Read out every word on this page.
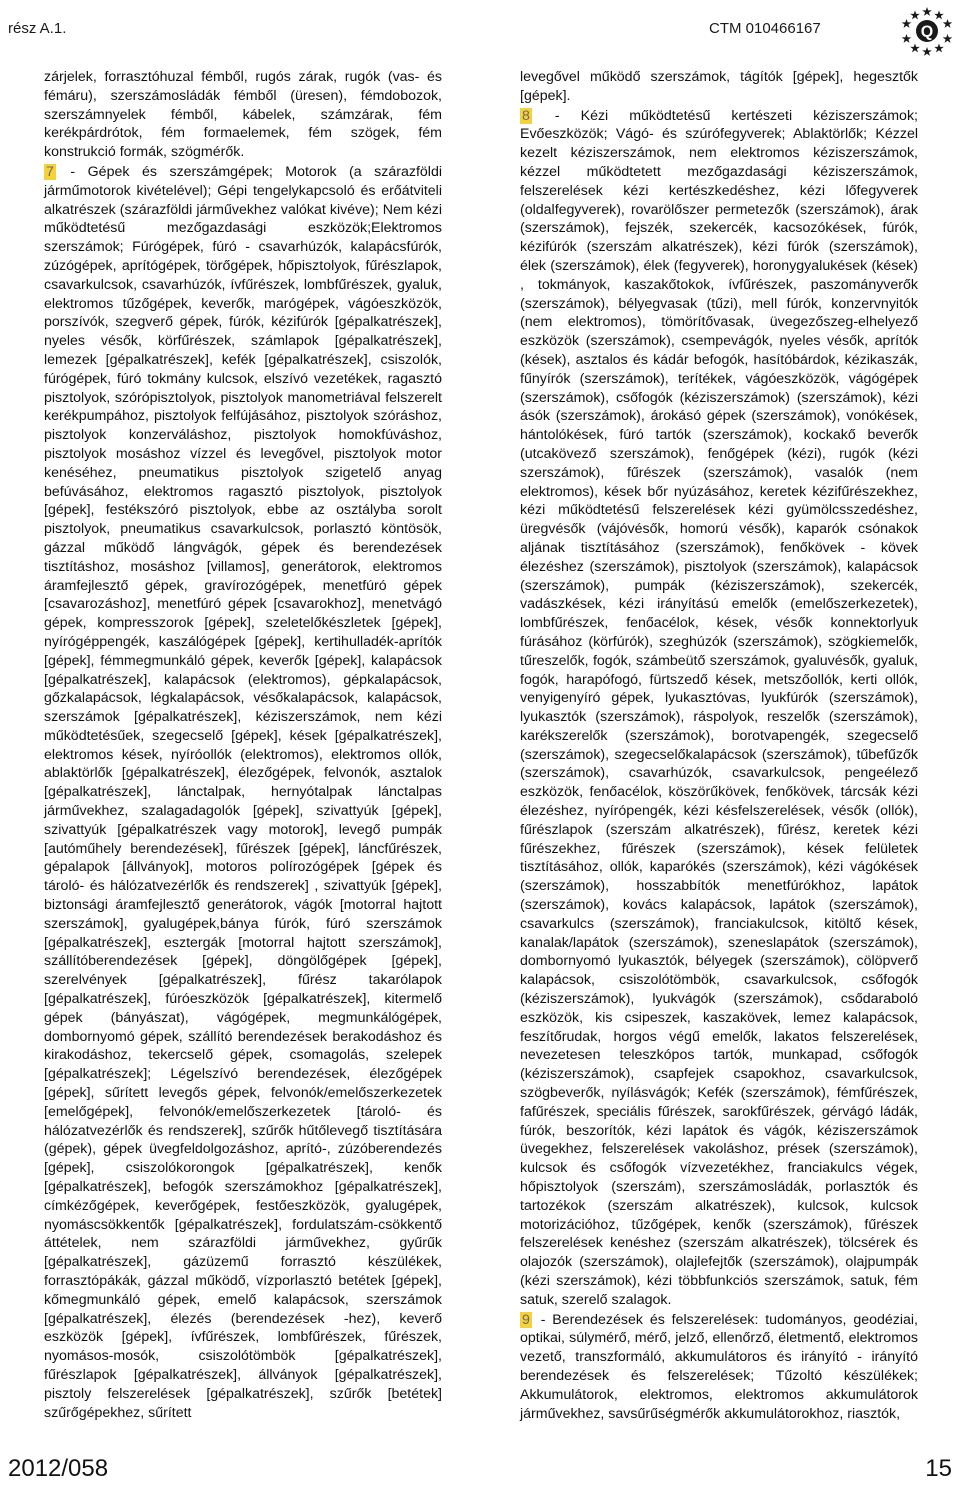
rész A.1.	CTM 010466167	Q

zárjelek, forrasztóhuzal fémből, rugós zárak, rugók (vas- és fémáru), szerszámosládák fémből (üresen), fémdobozok, szerszámnyelek fémből, kábelek, számzárak, fém kerékpárdrótok, fém formaelemek, fém szögek, fém konstrukció formák, szögmérők.

7 - Gépek és szerszámgépek; Motorok (a szárazföldi járműmotorok kivételével); Gépi tengelykapcsoló és erőátviteli alkatrészek (szárazföldi járművekhez valókat kivéve); Nem kézi működtetésű mezőgazdasági eszközök;Elektromos szerszámok; Fúrógépek, fúró - csavarhúzók, kalapácsfúrók, zúzógépek, aprítógépek, törőgépek, hőpisztolyok, fűrészlapok, csavarkulcsok, csavarhúzók, ívfűrészek, lombfűrészek, gyaluk, elektromos tűzőgépek, keverők, marógépek, vágóeszközök, porszívók, szegverő gépek, fúrók, kézifúrók [gépalkatrészek], nyeles vésők, körfűrészek, számlapok [gépalkatrészek], lemezek [gépalkatrészek], kefék [gépalkatrészek], csiszolók, fúrógépek, fúró tokmány kulcsok, elszívó vezetékek, ragasztó pisztolyok, szórópisztolyok, pisztolyok manometriával felszerelt kerékpumpához, pisztolyok felfújásához, pisztolyok szóráshoz, pisztolyok konzerváláshoz, pisztolyok homokfúváshoz, pisztolyok mosáshoz vízzel és levegővel, pisztolyok motor kenéséhez, pneumatikus pisztolyok szigetelő anyag befúvásához, elektromos ragasztó pisztolyok, pisztolyok [gépek], festékszóró pisztolyok, ebbe az osztályba sorolt pisztolyok, pneumatikus csavarkulcsok, porlasztó köntösök, gázzal működő lángvágók, gépek és berendezések tisztításhoz, mosáshoz [villamos], generátorok, elektromos áramfejlesztő gépek, gravírozógépek, menetfúró gépek [csavarozáshoz], menetfúró gépek [csavarokhoz], menetvágó gépek, kompresszorok [gépek], szeletelőkészletek [gépek], nyírógéppengék, kaszálógépek [gépek], kertihulladék-aprítók [gépek], fémmegmunkáló gépek, keverők [gépek], kalapácsok [gépalkatrészek], kalapácsok (elektromos), gépkalapácsok, gőzkalapácsok, légkalapácsok, vésőkalapácsok, kalapácsok, szerszámok [gépalkatrészek], kéziszerszámok, nem kézi működtetésűek, szegecselő [gépek], kések [gépalkatrészek], elektromos kések, nyíróollók (elektromos), elektromos ollók, ablaktörlők [gépalkatrészek], élezőgépek, felvonók, asztalok [gépalkatrészek], lánctalpak, hernyótalpak lánctalpas járművekhez, szalagadagolók [gépek], szivattyúk [gépek], szivattyúk [gépalkatrészek vagy motorok], levegő pumpák [autóműhely berendezések], fűrészek [gépek], láncfűrészek, gépalapok [állványok], motoros polírozógépek [gépek és tároló- és hálózatvezérlők és rendszerek] , szivattyúk [gépek], biztonsági áramfejlesztő generátorok, vágók [motorral hajtott szerszámok], gyalugépek,bánya fúrók, fúró szerszámok [gépalkatrészek], esztergák [motorral hajtott szerszámok], szállítóberendezések [gépek], döngölőgépek [gépek], szerelvények [gépalkatrészek], fűrész takarólapok [gépalkatrészek], fúróeszközök [gépalkatrészek], kitermelő gépek (bányászat), vágógépek, megmunkálógépek, dombornyomó gépek, szállító berendezések berakodáshoz és kirakodáshoz, tekercselő gépek, csomagolás, szelepek [gépalkatrészek]; Légelszívó berendezések, élezőgépek [gépek], sűrített levegős gépek, felvonók/emelőszerkezetek [emelőgépek], felvonók/emelőszerkezetek [tároló- és hálózatvezérlők és rendszerek], szűrők hűtőlevegő tisztítására (gépek), gépek üvegfeldolgozáshoz, aprító-, zúzóberendezés [gépek], csiszolókorongok [gépalkatrészek], kenők [gépalkatrészek], befogók szerszámokhoz [gépalkatrészek], címkézőgépek, keverőgépek, festőeszközök, gyalugépek, nyomáscsökkentők [gépalkatrészek], fordulatszám-csökkentő áttételek, nem szárazföldi járművekhez, gyűrűk [gépalkatrészek], gázüzemű forrasztó készülékek, forrasztópákák, gázzal működő, vízporlasztó betétek [gépek], kőmegmunkáló gépek, emelő kalapácsok, szerszámok [gépalkatrészek], élezés (berendezések -hez), keverő eszközök [gépek], ívfűrészek, lombfűrészek, fűrészek, nyomásos-mosók, csiszolótömbök [gépalkatrészek], fűrészlapok [gépalkatrészek], állványok [gépalkatrészek], pisztoly felszerelések [gépalkatrészek], szűrők [betétek] szűrőgépekhez, sűrített

levegővel működő szerszámok, tágítók [gépek], hegesztők [gépek].

8 - Kézi működtetésű kertészeti kéziszerszámok; Evőeszközök; Vágó- és szúrófegyverek; Ablaktörlők; Kézzel kezelt kéziszerszámok, nem elektromos kéziszerszámok, kézzel működtetett mezőgazdasági kéziszerszámok, felszerelések kézi kertészkedéshez, kézi lőfegyverek (oldalfegyverek), rovarölőszer permetezők (szerszámok), árak (szerszámok), fejszék, szekercék, kacsozókések, fúrók, kézifúrók (szerszám alkatrészek), kézi fúrók (szerszámok), élek (szerszámok), élek (fegyverek), horonygyalukések (kések) , tokmányok, kaszakőtokok, ívfűrészek, paszományverők (szerszámok), bélyegvasak (tűzi), mell fúrók, konzervnyitók (nem elektromos), tömörítővasak, üvegezőszeg-elhelyező eszközök (szerszámok), csempevágók, nyeles vésők, aprítók (kések), asztalos és kádár befogók, hasítóbárdok, kézikaszák, fűnyírók (szerszámok), terítékek, vágóeszközök, vágógépek (szerszámok), csőfogók (kéziszerszámok) (szerszámok), kézi ásók (szerszámok), árokásó gépek (szerszámok), vonókések, hántolókések, fúró tartók (szerszámok), kockakő beverők (utcakövező szerszámok), fenőgépek (kézi), rugók (kézi szerszámok), fűrészek (szerszámok), vasalók (nem elektromos), kések bőr nyúzásához, keretek kézifűrészekhez, kézi működtetésű felszerelések kézi gyümölcsszedéshez, üregvésők (vájóvésők, homorú vésők), kaparók csónakok aljának tisztításához (szerszámok), fenőkövek - kövek élezéshez (szerszámok), pisztolyok (szerszámok), kalapácsok (szerszámok), pumpák (kéziszerszámok), szekercék, vadászkések, kézi irányítású emelők (emelőszerkezetek), lombfűrészek, fenőacélok, kések, vésők konnektorlyuk fúrásához (körfúrók), szeghúzók (szerszámok), szögkiemelők, tűreszelők, fogók, számbeütő szerszámok, gyaluvésők, gyaluk, fogók, harapófogó, fürtszedő kések, metszőollók, kerti ollók, venyigenyíró gépek, lyukasztóvas, lyukfúrók (szerszámok), lyukasztók (szerszámok), ráspolyok, reszelők (szerszámok), karékszerelők (szerszámok), borotvapengék, szegecselő (szerszámok), szegecselőkalapácsok (szerszámok), tűbefűzők (szerszámok), csavarhúzók, csavarkulcsok, pengeélező eszközök, fenőacélok, köszörűkövek, fenőkövek, tárcsák kézi élezéshez, nyírópengék, kézi késfelszerelések, vésők (ollók), fűrészlapok (szerszám alkatrészek), fűrész, keretek kézi fűrészekhez, fűrészek (szerszámok), kések felületek tisztításához, ollók, kaparókés (szerszámok), kézi vágókések (szerszámok), hosszabbítók menetfúrókhoz, lapátok (szerszámok), kovács kalapácsok, lapátok (szerszámok), csavarkulcs (szerszámok), franciakulcsok, kitöltő kések, kanalak/lapátok (szerszámok), szeneslapátok (szerszámok), dombornyomó lyukasztók, bélyegek (szerszámok), cölöpverő kalapácsok, csiszolótömbök, csavarkulcsok, csőfogók (kéziszerszámok), lyukvágók (szerszámok), csődaraboló eszközök, kis csipeszek, kaszakövek, lemez kalapácsok, feszítőrudak, horgos végű emelők, lakatos felszerelések, nevezetesen teleszkópos tartók, munkapad, csőfogók (kéziszerszámok), csapfejek csapokhoz, csavarkulcsok, szögbeverők, nyílásvágók; Kefék (szerszámok), fémfűrészek, fafűrészek, speciális fűrészek, sarokfűrészek, gérvágó ládák, fúrók, beszorítók, kézi lapátok és vágók, kéziszerszámok üvegekhez, felszerelések vakoláshoz, prések (szerszámok), kulcsok és csőfogók vízvezetékhez, franciakulcs végek, hőpisztolyok (szerszám), szerszámosládák, porlasztók és tartozékok (szerszám alkatrészek), kulcsok, kulcsok motorizációhoz, tűzőgépek, kenők (szerszámok), fűrészek felszerelések kenéshez (szerszám alkatrészek), tölcsérek és olajozók (szerszámok), olajlefejtők (szerszámok), olajpumpák (kézi szerszámok), kézi többfunkciós szerszámok, satuk, fém satuk, szerelő szalagok.

9 - Berendezések és felszerelések: tudományos, geodéziai, optikai, súlymérő, mérő, jelző, ellenőrző, életmentő, elektromos vezető, transzformáló, akkumulátoros és irányító - irányító berendezések és felszerelések; Tűzoltó készülékek; Akkumulátorok, elektromos, elektromos akkumulátorok járművekhez, savsűrűségmérők akkumulátorokhoz, riasztók,

2012/058	15
